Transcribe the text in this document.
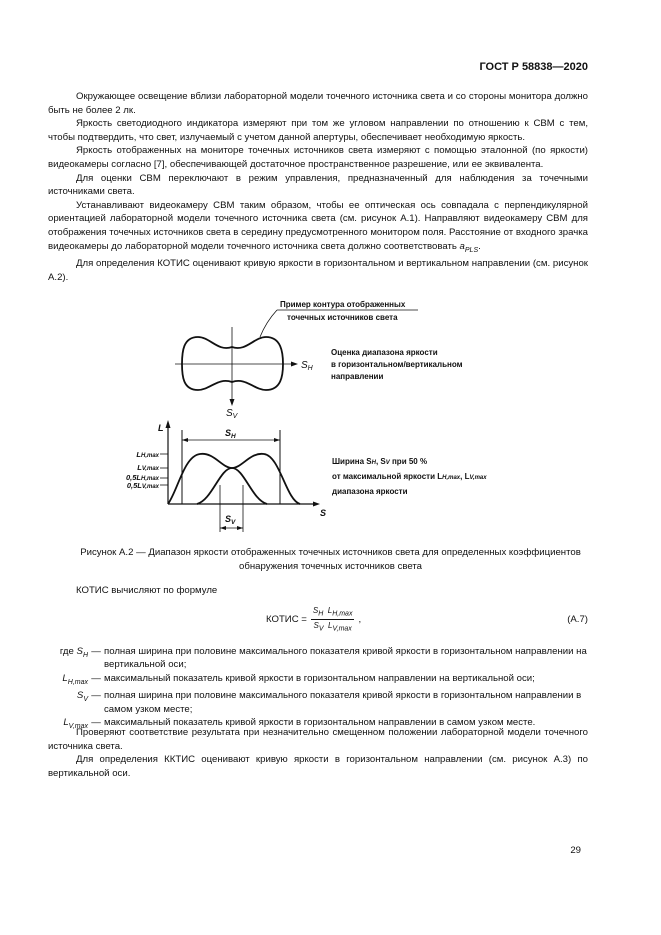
ГОСТ Р 58838—2020

Окружающее освещение вблизи лабораторной модели точечного источника света и со стороны монитора должно быть не более 2 лк.

Яркость светодиодного индикатора измеряют при том же угловом направлении по отношению к СВМ с тем, чтобы подтвердить, что свет, излучаемый с учетом данной апертуры, обеспечивает необходимую яркость.

Яркость отображенных на мониторе точечных источников света измеряют с помощью эталонной (по яркости) видеокамеры согласно [7], обеспечивающей достаточное пространственное разрешение, или ее эквивалента.

Для оценки СВМ переключают в режим управления, предназначенный для наблюдения за точечными источниками света.

Устанавливают видеокамеру СВМ таким образом, чтобы ее оптическая ось совпадала с перпендикулярной ориентацией лабораторной модели точечного источника света (см. рисунок А.1). Направляют видеокамеру СВМ для отображения точечных источников света в середину предусмотренного монитором поля. Расстояние от входного зрачка видеокамеры до лабораторной модели точечного источника света должно соответствовать $a_{PLS}$.

Для определения КОТИС оценивают кривую яркости в горизонтальном и вертикальном направлении (см. рисунок А.2).

Пример контура отображенных
точечных источников света
$S_H$
$S_V$
Оценка диапазона яркости
в горизонтальном/вертикальном
направлении
L
S
$S_H$
$S_V$
LH,max
LV,max
0,5LH,max
0,5LV,max
Ширина SH, SV при 50 %
от максимальной яркости LH,max, LV,max
диапазона яркости
Рисунок А.2 — Диапазон яркости отображенных точечных источников света для определенных коэффициентов
обнаружения точечных источников света
КОТИС вычисляют по формуле
КОТИС = $\frac{S_H L_{H,max}}{S_V L_{V,max}}$ ,	(А.7)
где $S_H$ — полная ширина при половине максимального показателя кривой яркости в горизонтальном направлении на вертикальной оси;
$L_{H,max}$ — максимальный показатель кривой яркости в горизонтальном направлении на вертикальной оси;
$S_V$ — полная ширина при половине максимального показателя кривой яркости в горизонтальном направлении в самом узком месте;
$L_{V,max}$ — максимальный показатель кривой яркости в горизонтальном направлении в самом узком месте.

Проверяют соответствие результата при незначительно смещенном положении лабораторной модели точечного источника света.

Для определения ККТИС оценивают кривую яркости в горизонтальном направлении (см. рисунок А.3) по вертикальной оси.

29
